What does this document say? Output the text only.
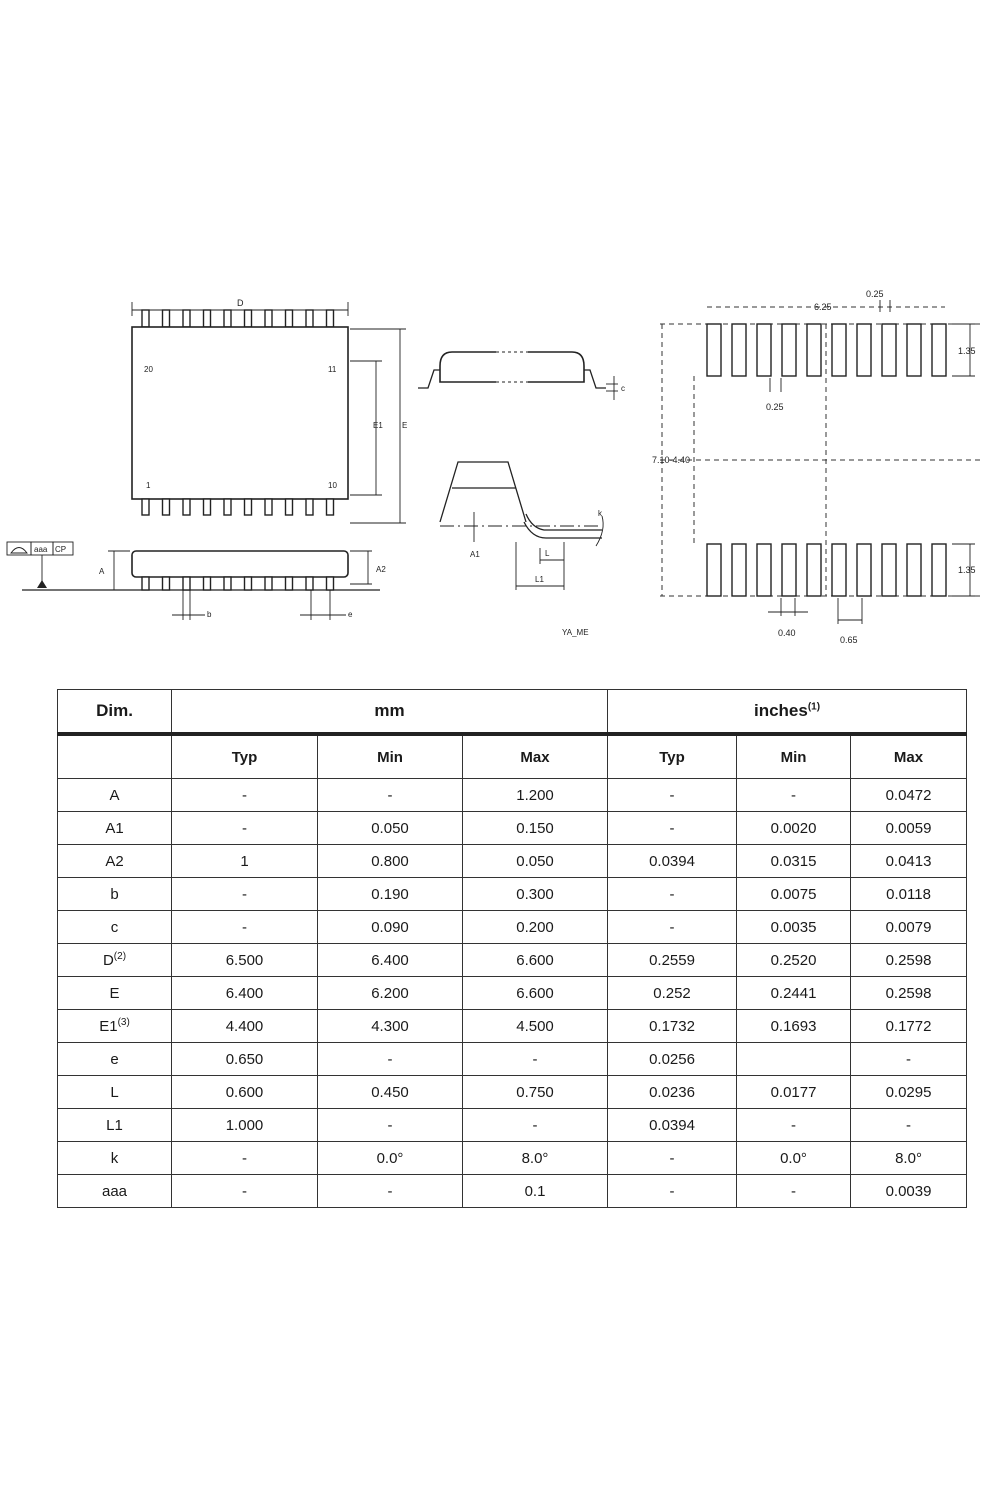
D
20	11
1	10
E1 E
aaa CP
A	A2
b	e
c
A1	L
L1
k
YA_ME
6.25
0.25
0.25
1.35
7.10-4.40
1.35
0.40
0.65
Dim.	mm			inches$^{(1)}$
	Typ	Min	Max	Typ	Min	Max
A	-	-	1.200	-	-	0.0472
A1	-	0.050	0.150	-	0.0020	0.0059
A2	1	0.800	0.050	0.0394	0.0315	0.0413
b	-	0.190	0.300	-	0.0075	0.0118
c	-	0.090	0.200	-	0.0035	0.0079
$D^{(2)}$	6.500	6.400	6.600	0.2559	0.2520	0.2598
E	6.400	6.200	6.600	0.252	0.2441	0.2598
E1$^{(3)}$	4.400	4.300	4.500	0.1732	0.1693	0.1772
e	0.650	-	-	0.0256		-
L	0.600	0.450	0.750	0.0236	0.0177	0.0295
L1	1.000	-	-	0.0394	-	-
k	-	0.0°	8.0°	-	0.0°	8.0°
aaa	-	-	0.1	-	-	0.0039
